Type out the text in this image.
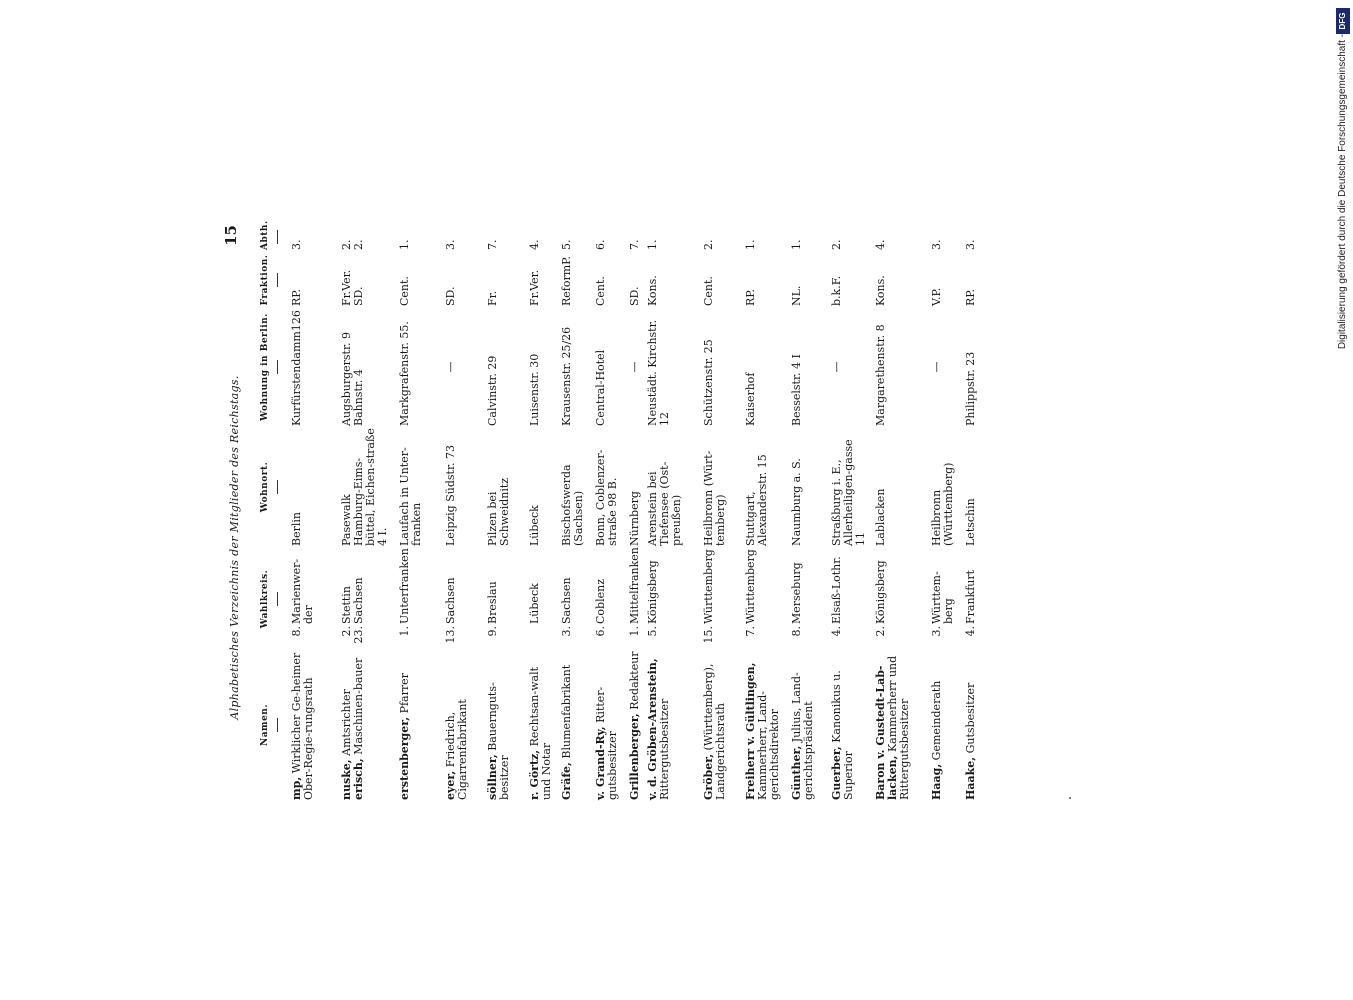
Alphabetisches Verzeichnis der Mitglieder des Reichstags.
15
Namen.
Wahlkreis.
Wohnort.
Wohnung in Berlin.
Fraktion.
Abth.
mp, Wirklicher Ge-heimer Ober-Regie-rungsrath
8.
Marienwer-der
Berlin
Kurfürstendamm126
RP.
3.
nuske, Amtsrichter
2.
Stettin
Pasewalk
Augsburgerstr. 9
Fr.Ver.
2.
erisch, Maschinen-bauer
23.
Sachsen
Hamburg-Eims-büttel, Eichen-straße 4 I.
Bahnstr. 4
SD.
2.
erstenberger, Pfarrer
1.
Unterfranken
Laufach in Unter-franken
Markgrafenstr. 55.
Cent.
1.
eyer, Friedrich, Cigarrenfabrikant
13.
Sachsen
Leipzig Südstr. 73
—
SD.
3.
söllner, Bauernguts-besitzer
9.
Breslau
Pilzen bei Schweidnitz
Calvinstr. 29
Fr.
7.
r. Görtz, Rechtsan-walt und Notar
Lübeck
Lübeck
Luisenstr. 30
Fr.Ver.
4.
Gräfe, Blumenfabrikant
3.
Sachsen
Bischofswerda (Sachsen)
Krausenstr. 25/26
ReformP.
5.
v. Grand-Ry, Ritter-gutsbesitzer
6.
Coblenz
Bonn, Coblenzer-straße 98 B.
Central-Hotel
Cent.
6.
Grillenberger, Redakteur
1.
Mittelfranken
Nürnberg
—
SD.
7.
v. d. Gröben-Arenstein, Rittergutsbesitzer
5.
Königsberg
Arenstein bei Tiefensee (Ost-preußen)
Neustädt. Kirchstr. 12
Kons.
1.
Gröber, (Württemberg), Landgerichtsrath
15.
Württemberg
Heilbronn (Würt-temberg)
Schützenstr. 25
Cent.
2.
Freiherr v. Gültlingen, Kammerherr, Land-gerichtsdirektor
7.
Württemberg
Stuttgart, Alexanderstr. 15
Kaiserhof
RP.
1.
Günther, Julius, Land-gerichtspräsident
8.
Merseburg
Naumburg a. S.
Besselstr. 4 I
NL.
1.
Guerber, Kanonikus u. Superior
4.
Elsaß-Lothr.
Straßburg i. E., Allerheiligen-gasse 11
—
b.k.F.
2.
Baron v. Gustedt-Lab-lacken, Kammerherr und Rittergutsbesitzer
2.
Königsberg
Lablacken
Margarethenstr. 8
Kons.
4.
Haag, Gemeinderath
3.
Württem-berg
Heilbronn (Württemberg)
—
V.P.
3.
Haake, Gutsbesitzer
4.
Frankfurt
Letschin
Philippstr. 23
RP.
3.
DFG
Digitalisierung gefördert durch die Deutsche Forschungsgemeinschaft -
